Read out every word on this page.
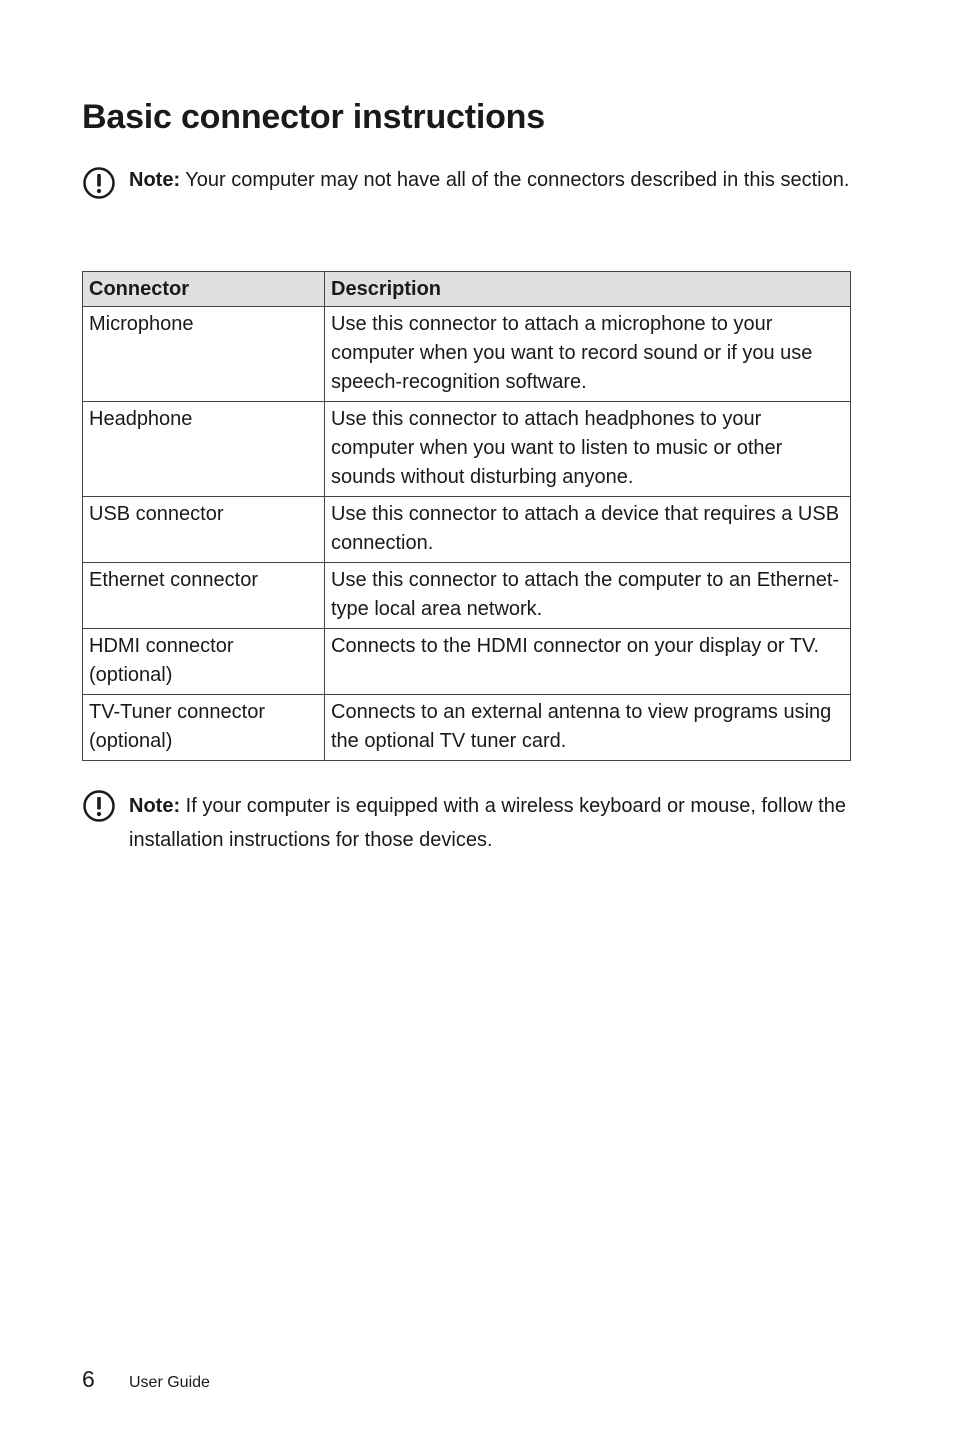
Basic connector instructions
Note: Your computer may not have all of the connectors described in this section.
Connector	Description
Microphone	Use this connector to attach a microphone to your computer when you want to record sound or if you use speech-recognition software.
Headphone	Use this connector to attach headphones to your computer when you want to listen to music or other sounds without disturbing anyone.
USB connector	Use this connector to attach a device that requires a USB connection.
Ethernet connector	Use this connector to attach the computer to an Ethernet-type local area network.
HDMI connector (optional)	Connects to the HDMI connector on your display or TV.
TV-Tuner connector (optional)	Connects to an external antenna to view programs using the optional TV tuner card.
Note: If your computer is equipped with a wireless keyboard or mouse, follow the installation instructions for those devices.
6 User Guide
